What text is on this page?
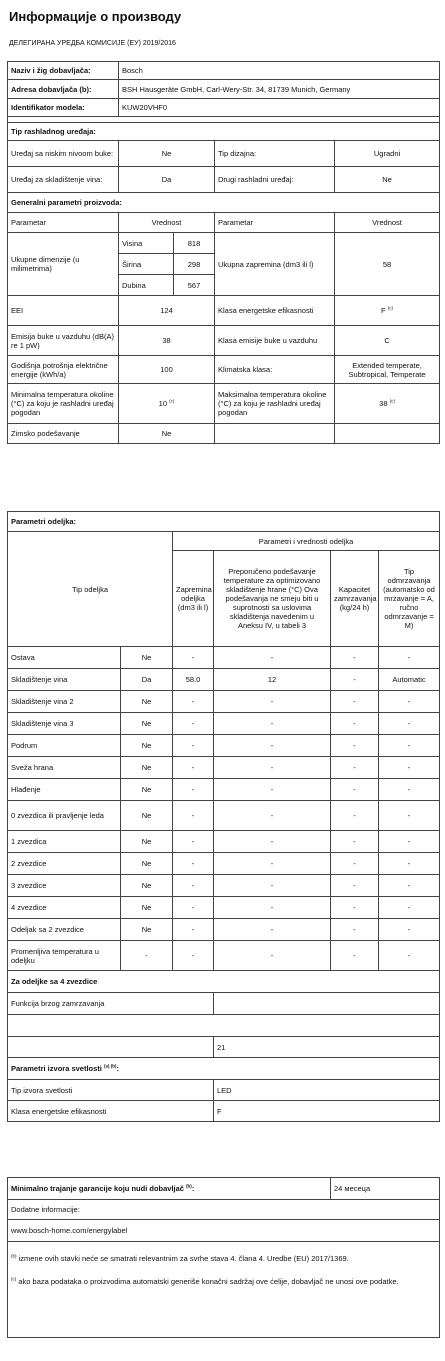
Информације о производу
ДЕЛЕГИРАНА УРЕДБА КОМИСИЈЕ (ЕУ) 2019/2016
Naziv i žig dobavljača:	Bosch			
Adresa dobavljača (b):	BSH Hausgeräte GmbH, Carl-Wery-Str. 34, 81739 Munich, Germany			
Identifikator modela:	KUW20VHF0			

Tip rashladnog uređaja:				
Uređaj sa niskim nivoom buke:	Ne		Tip dizajna:	Ugradni
Uređaj za skladištenje vina:	Da		Drugi rashladni uređaj:	Ne
Generalni parametri proizvoda:				
Parametar	Vrednost		Parametar	Vrednost
Ukupne dimenzije (u milimetrima)	Visina	818	Ukupna zapremina (dm3 ili l)	58
	Širina	298		
	Dubina	567		
EEI	124		Klasa energetske efikasnosti	F $^{(c)}$
Emisija buke u vazduhu (dB(A) re 1 pW)	38		Klasa emisije buke u vazduhu	C
Godišnja potrošnja električne energije (kWh/a)	100		Klimatska klasa:	Extended temperate,
Subtropical, Temperate
Minimalna temperatura okoline (°C) za koju je rashladni uređaj pogodan	10 $^{(c)}$		Maksimalna temperatura okoline (°C) za koju je rashladni uređaj pogodan	38 $^{(c)}$
Zimsko podešavanje	Ne			
Parametri odeljka:					
Tip odeljka		Parametri i vrednosti odeljka			
		Zapremina odeljka (dm3 ili l)	Preporučeno podešavanje temperature za optimizovano skladištenje hrane (°C) Ova podešavanja ne smeju biti u suprotnosti sa uslovima skladištenja navedenim u Aneksu IV, u tabeli 3	Kapacitet zamrzavanja (kg/24 h)	Tip odmrzavanja (automatsko od mrzavanje = A, ručno odmrzavanje = M)
Ostava	Ne	-	-	-	-
Skladištenje vina	Da	58.0	12	-	Automatic
Skladištenje vina 2	Ne	-	-	-	-
Skladištenje vina 3	Ne	-	-	-	-
Podrum	Ne	-	-	-	-
Sveža hrana	Ne	-	-	-	-
Hlađenje	Ne	-	-	-	-
0 zvezdica ili pravljenje leda	Ne	-	-	-	-
1 zvezdica	Ne	-	-	-	-
2 zvezdice	Ne	-	-	-	-
3 zvezdice	Ne	-	-	-	-
4 zvezdice	Ne	-	-	-	-
Odeljak sa 2 zvezdice	Ne	-	-	-	-
Promenljiva temperatura u odeljku	-	-	-	-	-
Za odeljke sa 4 zvezdice					
Funkcija brzog zamrzavanja					

			21		
Parametri izvora svetlosti $^{(a) (b)}$:					
Tip izvora svetlosti			LED		
Klasa energetske efikasnosti			F		
Minimalno trajanje garancije koju nudi dobavljač $^{(b)}$:	24 месеца
Dodatne informacije:
www.bosch-home.com/energylabel

$^{(b)}$ izmene ovih stavki neće se smatrati relevantnim za svrhe stava 4. člana 4. Uredbe (EU) 2017/1369.
$^{(c)}$ ako baza podataka o proizvodima automatski generiše konačni sadržaj ove ćelije, dobavljač ne unosi ove podatke.
